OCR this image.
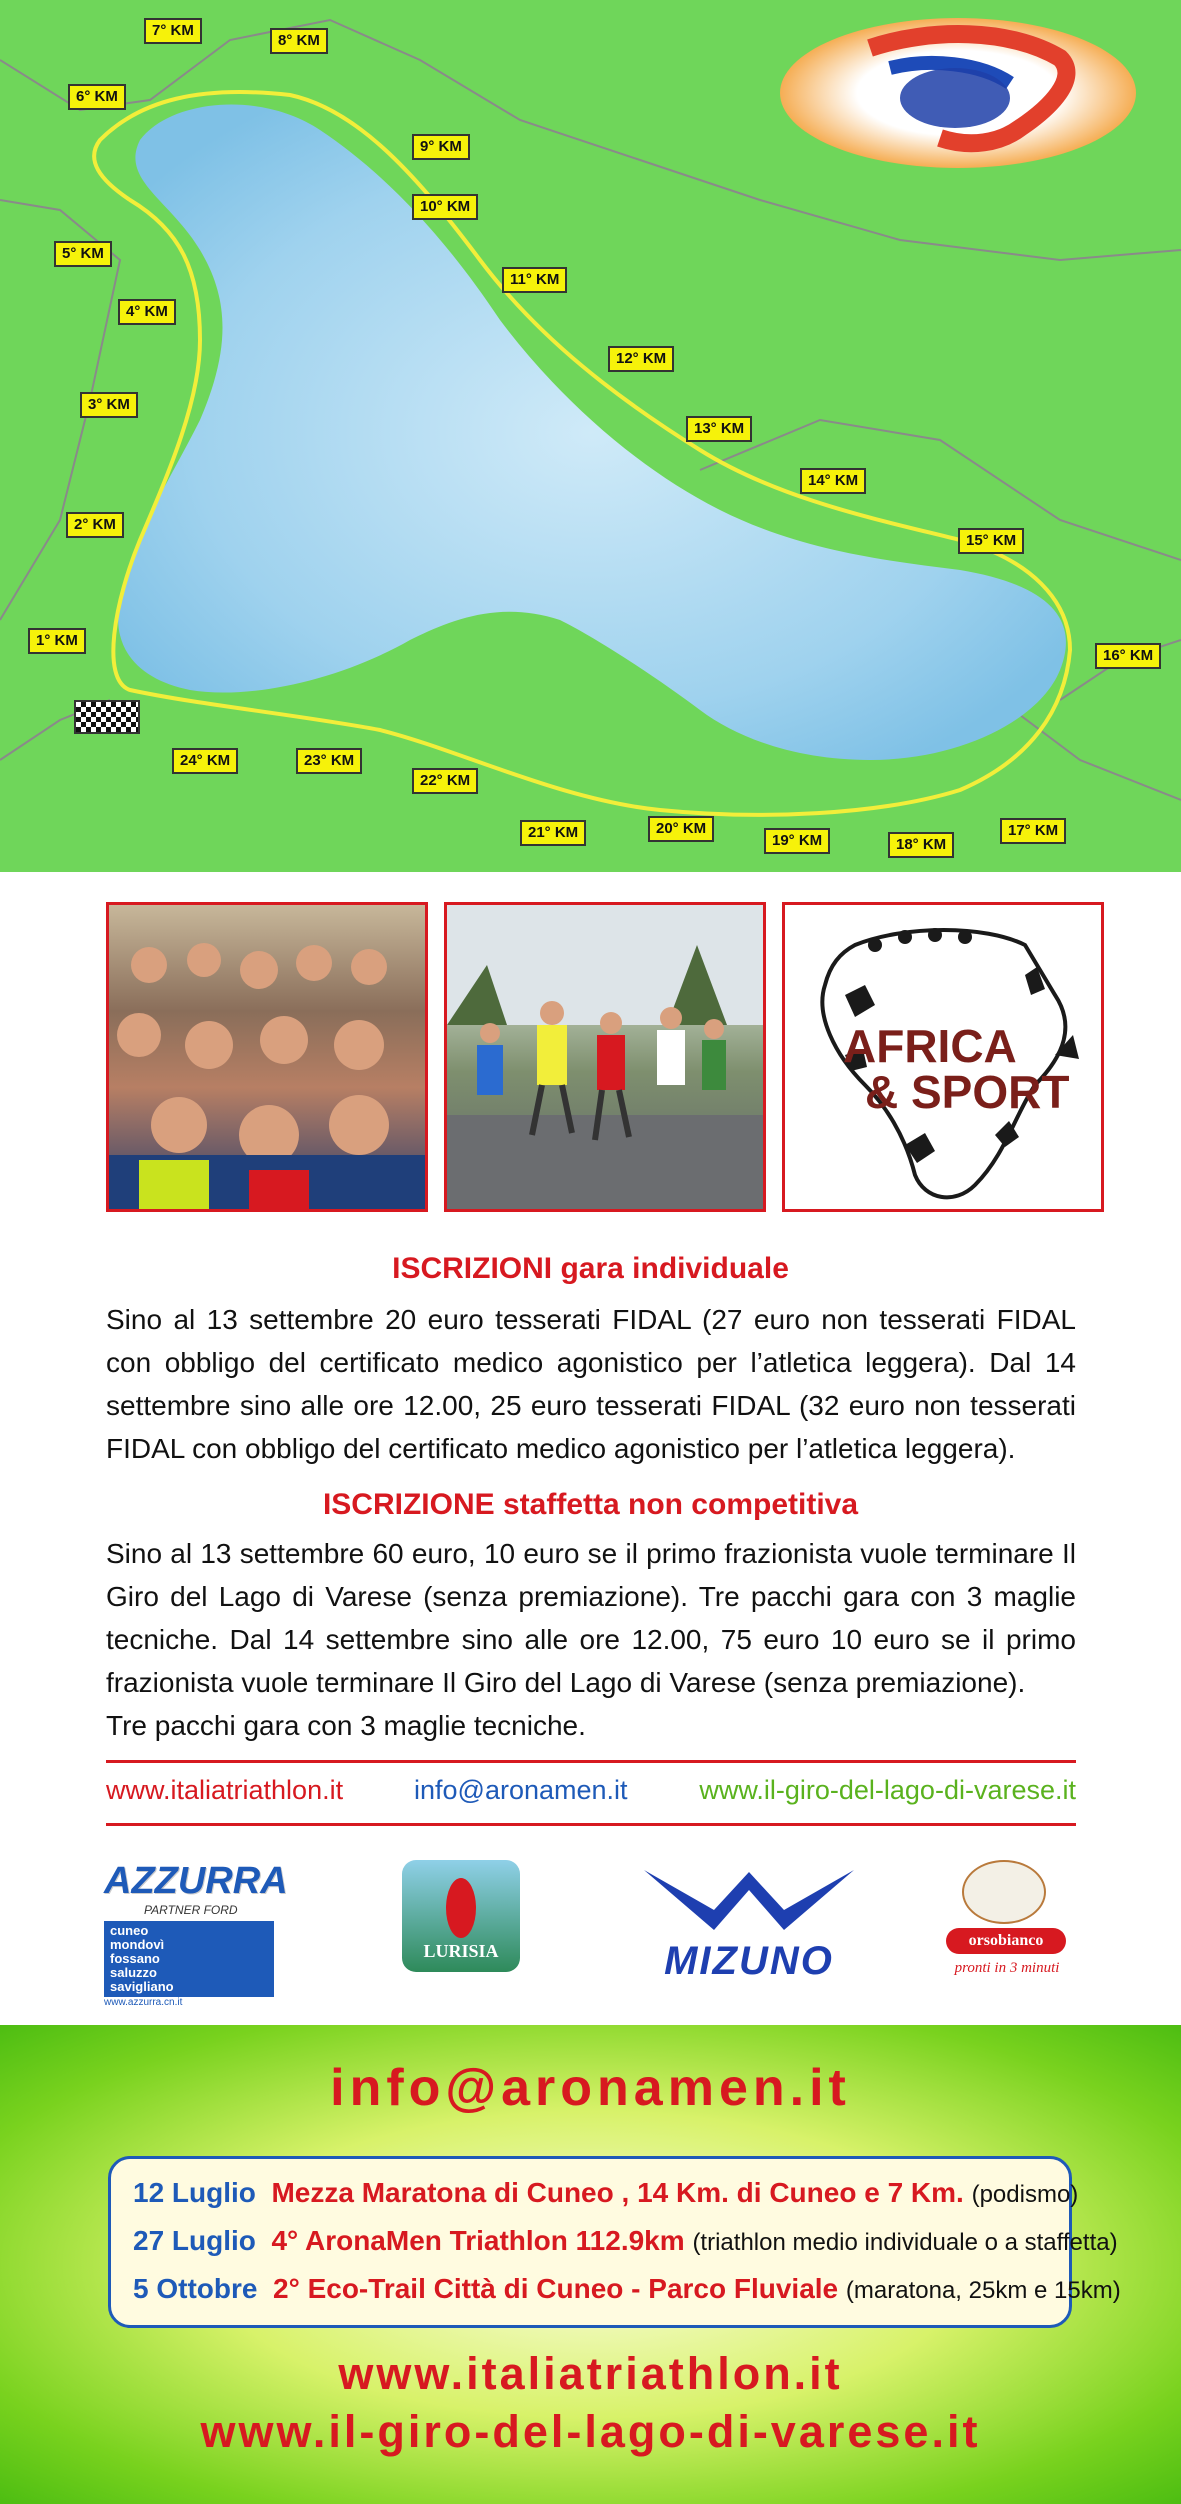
1° KM
2° KM
3° KM
4° KM
5° KM
6° KM
7° KM
8° KM
9° KM
10° KM
11° KM
12° KM
13° KM
14° KM
15° KM
16° KM
17° KM
18° KM
19° KM
20° KM
21° KM
22° KM
23° KM
24° KM
AFRICA
& SPORT
ISCRIZIONI gara individuale
Sino al 13 settembre 20 euro tesserati FIDAL (27 euro non tesserati FIDAL con obbligo del certificato medico agonistico per l’atletica leggera). Dal 14 settembre sino alle ore 12.00, 25 euro tesserati FIDAL (32 euro non tesserati FIDAL con obbligo del certificato medico agonistico per l’atletica leggera).
ISCRIZIONE staffetta non competitiva
Sino al 13 settembre 60 euro, 10 euro se il primo frazionista vuole terminare Il Giro del Lago di Varese (senza premiazione). Tre pacchi gara con 3 maglie tecniche. Dal 14 settembre sino alle ore 12.00, 75 euro 10 euro se il primo frazionista vuole terminare Il Giro del Lago di Varese (senza premiazione).
Tre pacchi gara con 3 maglie tecniche.
www.italiatriathlon.it	info@aronamen.it	www.il-giro-del-lago-di-varese.it
AZZURRA
PARTNER FORD
cuneo
mondovì
fossano
saluzzo
savigliano
www.azzurra.cn.it
LURISIA	MIZUNO	orsobianco
pronti in 3 minuti
info@aronamen.it
12 Luglio Mezza Maratona di Cuneo , 14 Km. di Cuneo e 7 Km. (podismo)
27 Luglio 4° AronaMen Triathlon 112.9km (triathlon medio individuale o a staffetta)
5 Ottobre 2° Eco-Trail Città di Cuneo - Parco Fluviale (maratona, 25km e 15km)
www.italiatriathlon.it
www.il-giro-del-lago-di-varese.it
